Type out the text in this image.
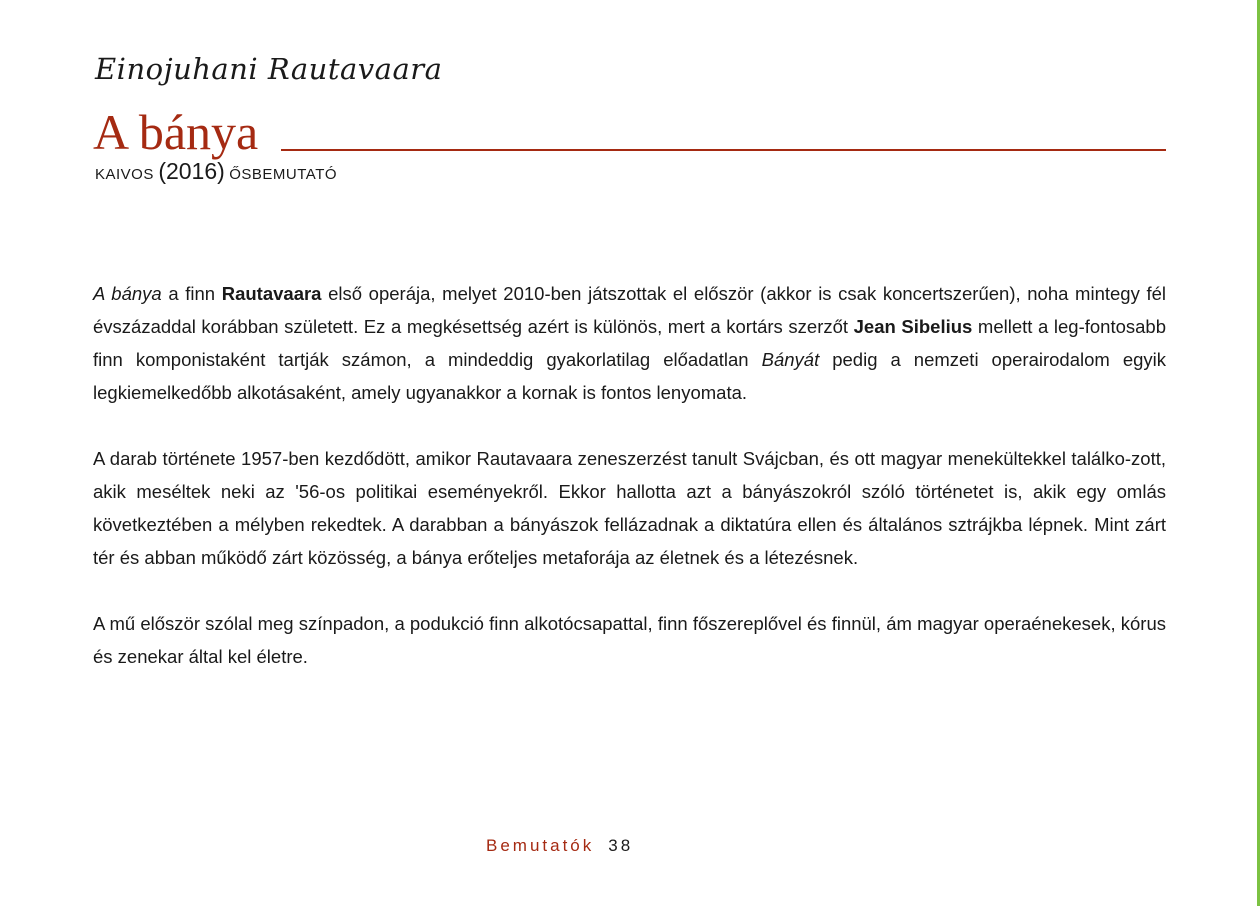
Einojuhani Rautavaara
A bánya
KAIVOS (2016) ŐSBEMUTATÓ

A bánya a finn Rautavaara első operája, melyet 2010-ben játszottak el először (akkor is csak koncertszerűen), noha mintegy fél évszázaddal korábban született. Ez a megkésettség azért is különös, mert a kortárs szerzőt Jean Sibelius mellett a leg-fontosabb finn komponistaként tartják számon, a mindeddig gyakorlatilag előadatlan Bányát pedig a nemzeti operairodalom egyik legkiemelkedőbb alkotásaként, amely ugyanakkor a kornak is fontos lenyomata.

A darab története 1957-ben kezdődött, amikor Rautavaara zeneszerzést tanult Svájcban, és ott magyar menekültekkel találko-zott, akik meséltek neki az '56-os politikai eseményekről. Ekkor hallotta azt a bányászokról szóló történetet is, akik egy omlás következtében a mélyben rekedtek. A darabban a bányászok fellázadnak a diktatúra ellen és általános sztrájkba lépnek. Mint zárt tér és abban működő zárt közösség, a bánya erőteljes metaforája az életnek és a létezésnek.

A mű először szólal meg színpadon, a podukció finn alkotócsapattal, finn főszereplővel és finnül, ám magyar operaénekesek, kórus és zenekar által kel életre.

Bemutatók 38
